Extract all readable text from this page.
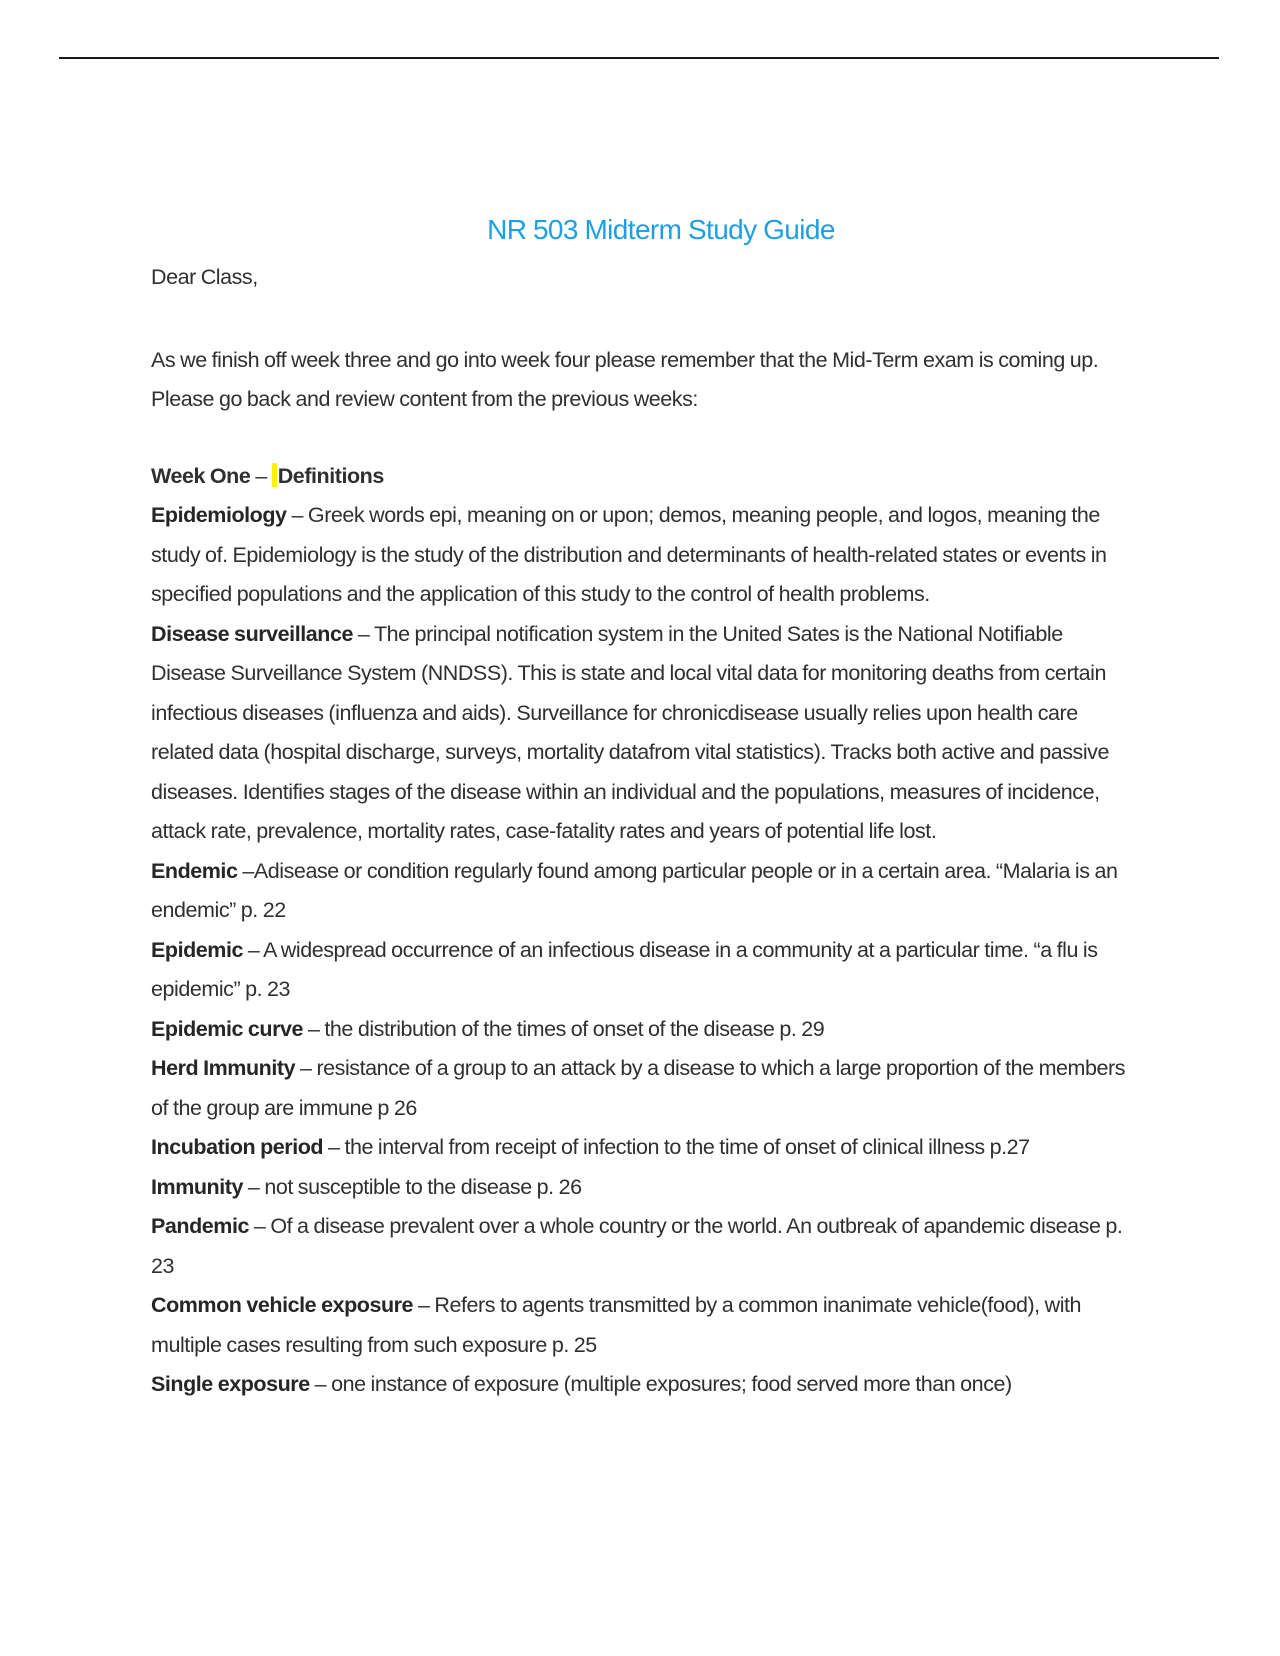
NR 503 Midterm Study Guide

Dear Class,

As we finish off week three and go into week four please remember that the Mid-Term exam is coming up. Please go back and review content from the previous weeks:

Week One – Definitions
Epidemiology – Greek words epi, meaning on or upon; demos, meaning people, and logos, meaning the study of. Epidemiology is the study of the distribution and determinants of health-related states or events in specified populations and the application of this study to the control of health problems.
Disease surveillance – The principal notification system in the United Sates is the National Notifiable Disease Surveillance System (NNDSS). This is state and local vital data for monitoring deaths from certain infectious diseases (influenza and aids). Surveillance for chronicdisease usually relies upon health care related data (hospital discharge, surveys, mortality datafrom vital statistics). Tracks both active and passive diseases. Identifies stages of the disease within an individual and the populations, measures of incidence, attack rate, prevalence, mortality rates, case-fatality rates and years of potential life lost.
Endemic –Adisease or condition regularly found among particular people or in a certain area. “Malaria is an endemic” p. 22
Epidemic – A widespread occurrence of an infectious disease in a community at a particular time. “a flu is epidemic” p. 23
Epidemic curve – the distribution of the times of onset of the disease p. 29
Herd Immunity – resistance of a group to an attack by a disease to which a large proportion of the members of the group are immune p 26
Incubation period – the interval from receipt of infection to the time of onset of clinical illness p.27
Immunity – not susceptible to the disease p. 26
Pandemic – Of a disease prevalent over a whole country or the world. An outbreak of apandemic disease p. 23
Common vehicle exposure – Refers to agents transmitted by a common inanimate vehicle(food), with multiple cases resulting from such exposure p. 25
Single exposure – one instance of exposure (multiple exposures; food served more than once)
